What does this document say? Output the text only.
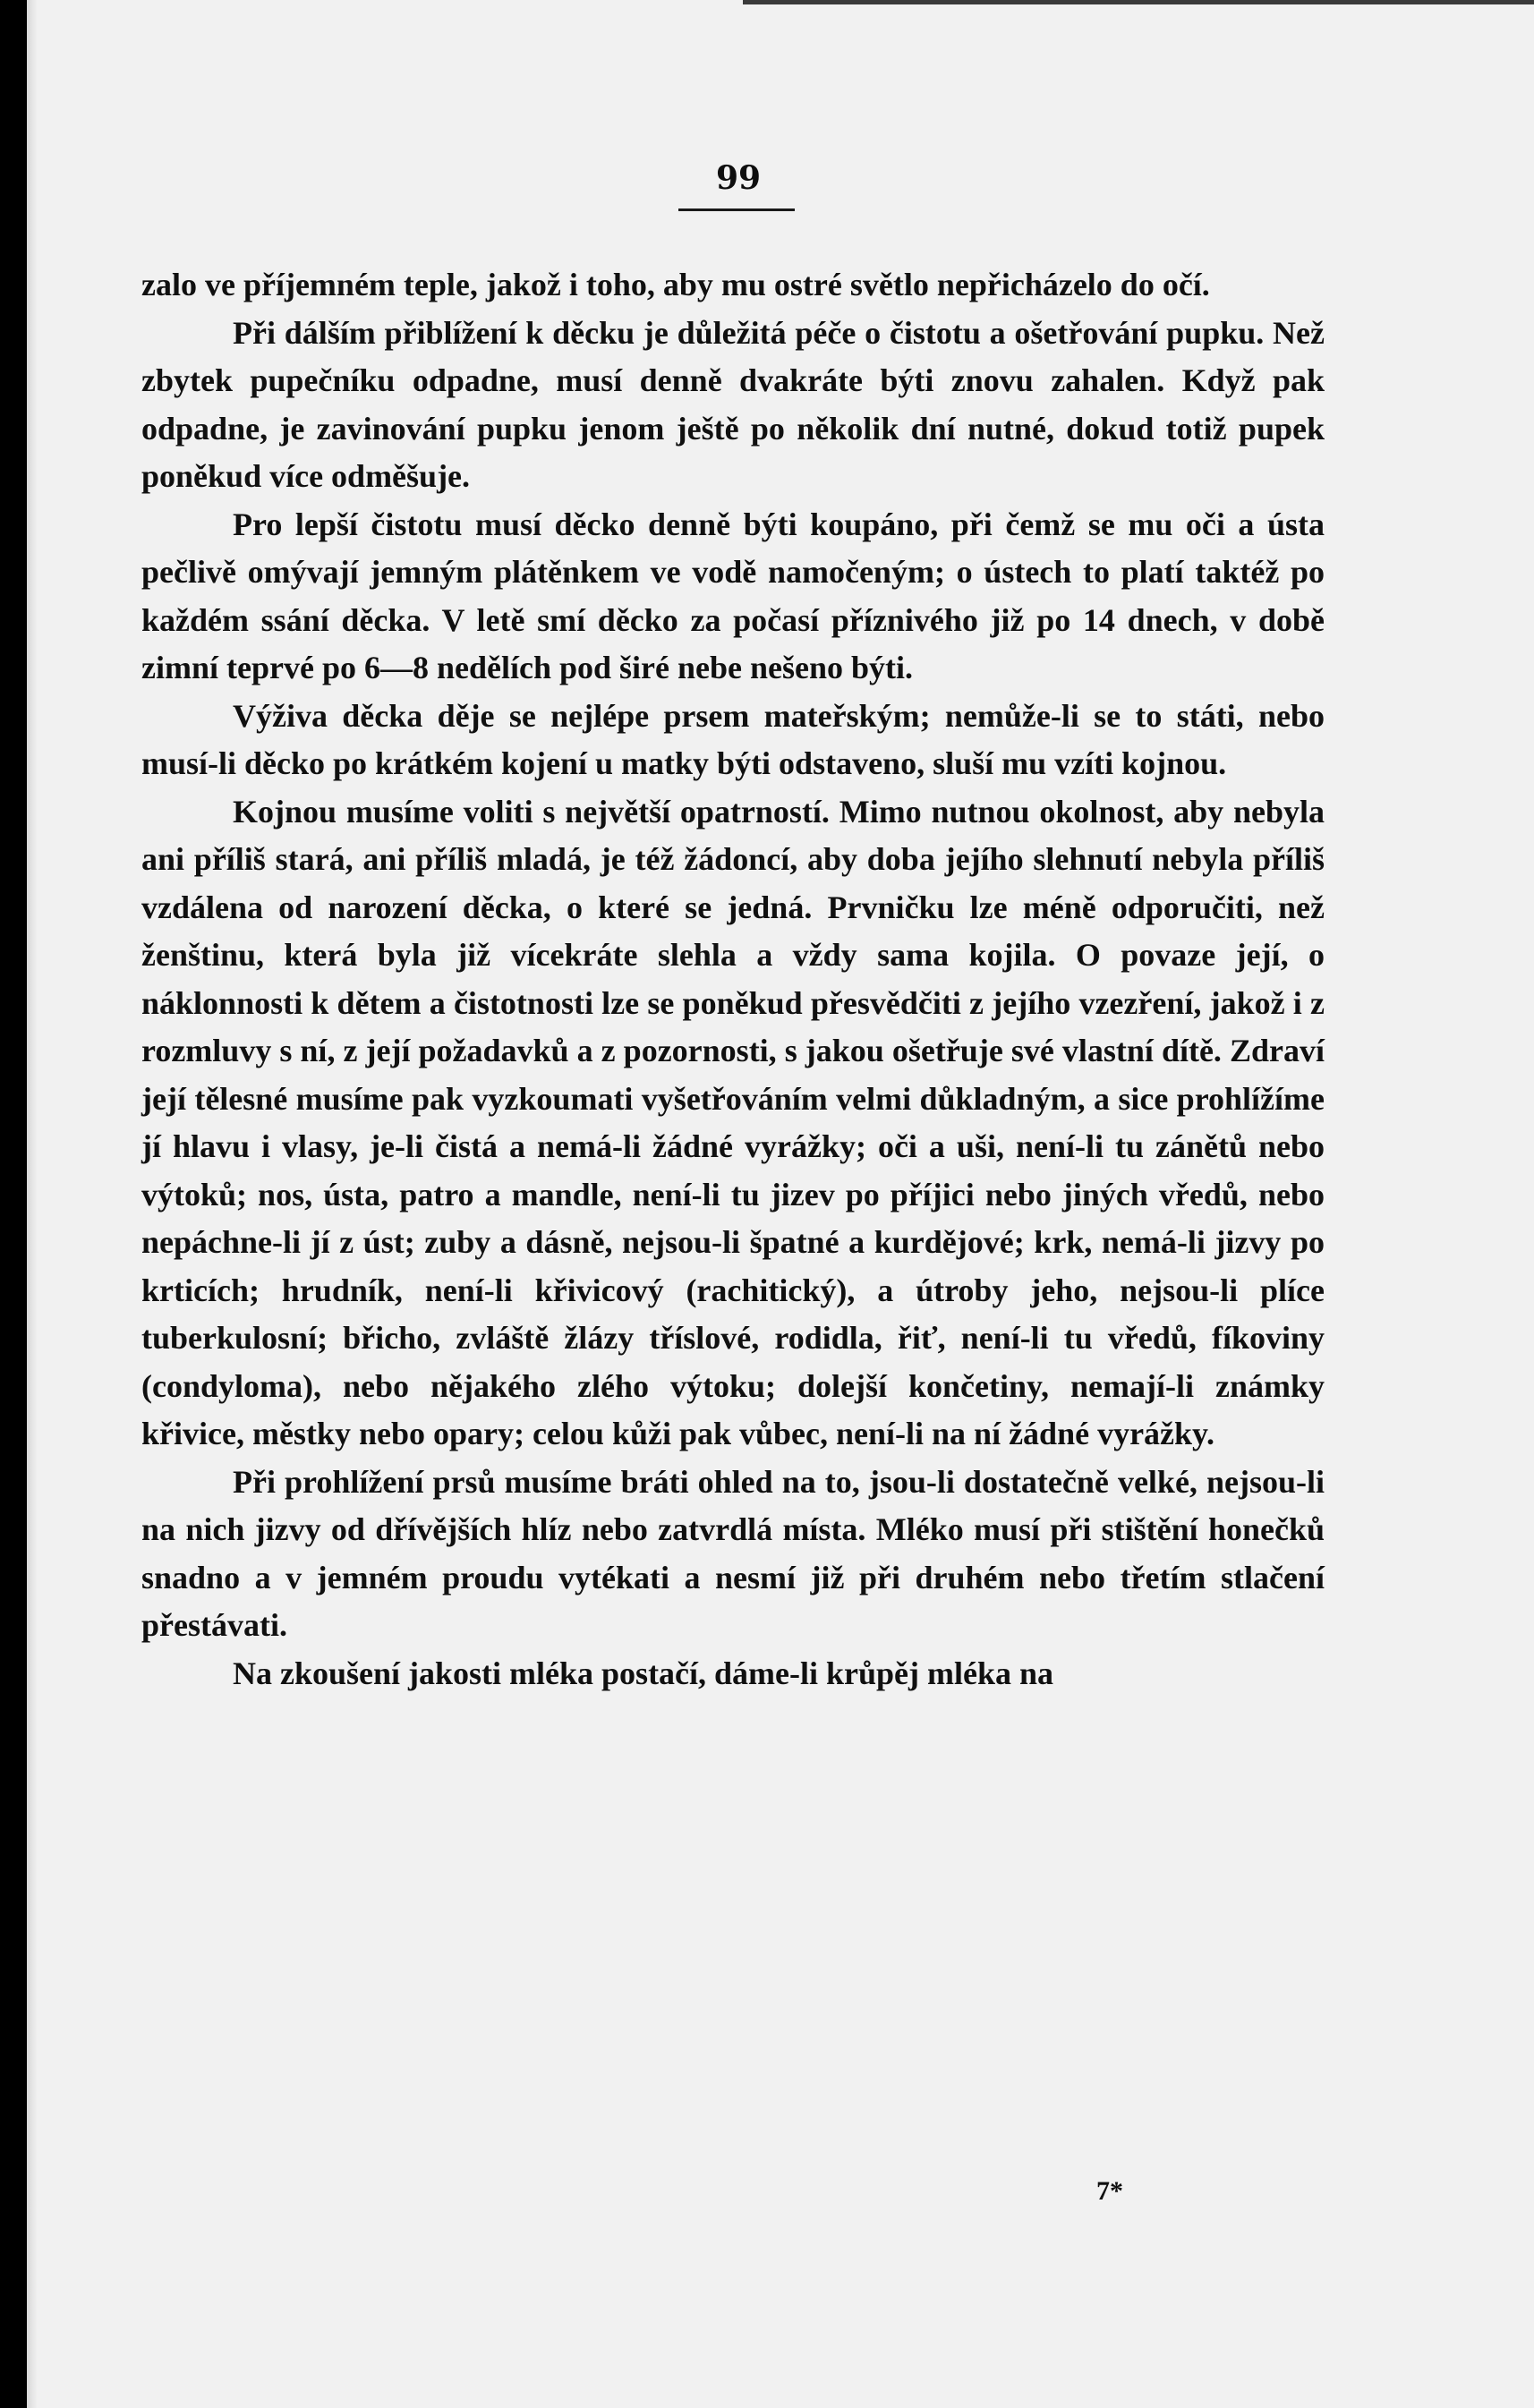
99

zalo ve příjemném teple, jakož i toho, aby mu ostré světlo nepřicházelo do očí.

Při dálším přiblížení k děcku je důležitá péče o čistotu a ošetřování pupku. Než zbytek pupečníku odpadne, musí denně dvakráte býti znovu zahalen. Když pak odpadne, je zavinování pupku jenom ještě po několik dní nutné, dokud totiž pupek poněkud více odměšuje.

Pro lepší čistotu musí děcko denně býti koupáno, při čemž se mu oči a ústa pečlivě omývají jemným plátěnkem ve vodě namočeným; o ústech to platí taktéž po každém ssání děcka. V letě smí děcko za počasí příznivého již po 14 dnech, v době zimní teprvé po 6—8 nedělích pod širé nebe nešeno býti.

Výživa děcka děje se nejlépe prsem mateřským; nemůže-li se to státi, nebo musí-li děcko po krátkém kojení u matky býti odstaveno, sluší mu vzíti kojnou.

Kojnou musíme voliti s největší opatrností. Mimo nutnou okolnost, aby nebyla ani příliš stará, ani příliš mladá, je též žádoncí, aby doba jejího slehnutí nebyla příliš vzdálena od narození děcka, o které se jedná. Prvničku lze méně odporučiti, než ženštinu, která byla již vícekráte slehla a vždy sama kojila. O povaze její, o náklonnosti k dětem a čistotnosti lze se poněkud přesvědčiti z jejího vzezření, jakož i z rozmluvy s ní, z její požadavků a z pozornosti, s jakou ošetřuje své vlastní dítě. Zdraví její tělesné musíme pak vyzkoumati vyšetřováním velmi důkladným, a sice prohlížíme jí hlavu i vlasy, je-li čistá a nemá-li žádné vyrážky; oči a uši, není-li tu zánětů nebo výtoků; nos, ústa, patro a mandle, není-li tu jizev po příjici nebo jiných vředů, nebo nepáchne-li jí z úst; zuby a dásně, nejsou-li špatné a kurdějové; krk, nemá-li jizvy po krticích; hrudník, není-li křivicový (rachitický), a útroby jeho, nejsou-li plíce tuberkulosní; břicho, zvláště žlázy tříslové, rodidla, řiť, není-li tu vředů, fíkoviny (condyloma), nebo nějakého zlého výtoku; dolejší končetiny, nemají-li známky křivice, městky nebo opary; celou kůži pak vůbec, není-li na ní žádné vyrážky.

Při prohlížení prsů musíme bráti ohled na to, jsou-li dostatečně velké, nejsou-li na nich jizvy od dřívějších hlíz nebo zatvrdlá místa. Mléko musí při stištění honečků snadno a v jemném proudu vytékati a nesmí již při druhém nebo třetím stlačení přestávati.

Na zkoušení jakosti mléka postačí, dáme-li krůpěj mléka na

7*
